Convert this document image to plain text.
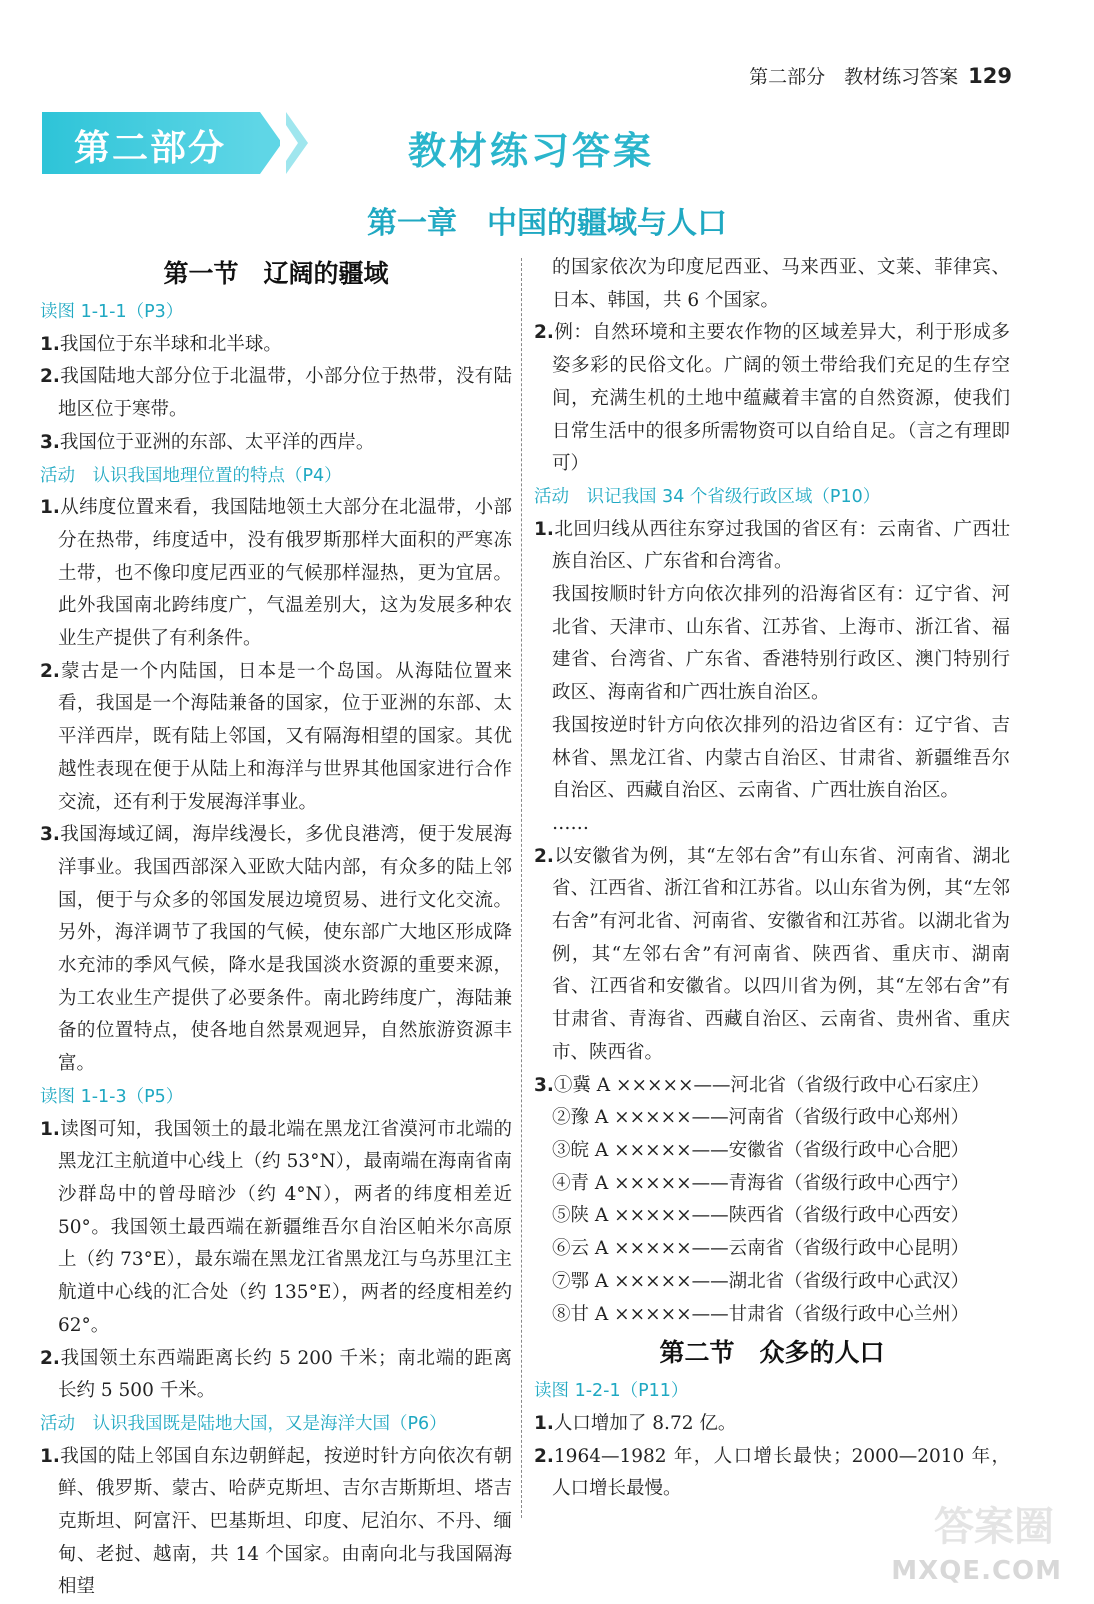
第二部分　教材练习答案 129
第二部分	教材练习答案
第一章　中国的疆域与人口
第一节　辽阔的疆域
读图 1-1-1（P3）
1.我国位于东半球和北半球。
2.我国陆地大部分位于北温带，小部分位于热带，没有陆地区位于寒带。
3.我国位于亚洲的东部、太平洋的西岸。
活动　认识我国地理位置的特点（P4）
1.从纬度位置来看，我国陆地领土大部分在北温带，小部分在热带，纬度适中，没有俄罗斯那样大面积的严寒冻土带，也不像印度尼西亚的气候那样湿热，更为宜居。此外我国南北跨纬度广，气温差别大，这为发展多种农业生产提供了有利条件。
2.蒙古是一个内陆国，日本是一个岛国。从海陆位置来看，我国是一个海陆兼备的国家，位于亚洲的东部、太平洋西岸，既有陆上邻国，又有隔海相望的国家。其优越性表现在便于从陆上和海洋与世界其他国家进行合作交流，还有利于发展海洋事业。
3.我国海域辽阔，海岸线漫长，多优良港湾，便于发展海洋事业。我国西部深入亚欧大陆内部，有众多的陆上邻国，便于与众多的邻国发展边境贸易、进行文化交流。另外，海洋调节了我国的气候，使东部广大地区形成降水充沛的季风气候，降水是我国淡水资源的重要来源，为工农业生产提供了必要条件。南北跨纬度广，海陆兼备的位置特点，使各地自然景观迥异，自然旅游资源丰富。
读图 1-1-3（P5）
1.读图可知，我国领土的最北端在黑龙江省漠河市北端的黑龙江主航道中心线上（约 53°N），最南端在海南省南沙群岛中的曾母暗沙（约 4°N），两者的纬度相差近 50°。我国领土最西端在新疆维吾尔自治区帕米尔高原上（约 73°E），最东端在黑龙江省黑龙江与乌苏里江主航道中心线的汇合处（约 135°E），两者的经度相差约 62°。
2.我国领土东西端距离长约 5 200 千米；南北端的距离长约 5 500 千米。
活动　认识我国既是陆地大国，又是海洋大国（P6）
1.我国的陆上邻国自东边朝鲜起，按逆时针方向依次有朝鲜、俄罗斯、蒙古、哈萨克斯坦、吉尔吉斯斯坦、塔吉克斯坦、阿富汗、巴基斯坦、印度、尼泊尔、不丹、缅甸、老挝、越南，共 14 个国家。由南向北与我国隔海相望
的国家依次为印度尼西亚、马来西亚、文莱、菲律宾、日本、韩国，共 6 个国家。
2.例：自然环境和主要农作物的区域差异大，利于形成多姿多彩的民俗文化。广阔的领土带给我们充足的生存空间，充满生机的土地中蕴藏着丰富的自然资源，使我们日常生活中的很多所需物资可以自给自足。（言之有理即可）
活动　识记我国 34 个省级行政区域（P10）
1.北回归线从西往东穿过我国的省区有：云南省、广西壮族自治区、广东省和台湾省。
我国按顺时针方向依次排列的沿海省区有：辽宁省、河北省、天津市、山东省、江苏省、上海市、浙江省、福建省、台湾省、广东省、香港特别行政区、澳门特别行政区、海南省和广西壮族自治区。
我国按逆时针方向依次排列的沿边省区有：辽宁省、吉林省、黑龙江省、内蒙古自治区、甘肃省、新疆维吾尔自治区、西藏自治区、云南省、广西壮族自治区。
……
2.以安徽省为例，其“左邻右舍”有山东省、河南省、湖北省、江西省、浙江省和江苏省。以山东省为例，其“左邻右舍”有河北省、河南省、安徽省和江苏省。以湖北省为例，其“左邻右舍”有河南省、陕西省、重庆市、湖南省、江西省和安徽省。以四川省为例，其“左邻右舍”有甘肃省、青海省、西藏自治区、云南省、贵州省、重庆市、陕西省。
3.①冀 A ×××××——河北省（省级行政中心石家庄）
②豫 A ×××××——河南省（省级行政中心郑州）
③皖 A ×××××——安徽省（省级行政中心合肥）
④青 A ×××××——青海省（省级行政中心西宁）
⑤陕 A ×××××——陕西省（省级行政中心西安）
⑥云 A ×××××——云南省（省级行政中心昆明）
⑦鄂 A ×××××——湖北省（省级行政中心武汉）
⑧甘 A ×××××——甘肃省（省级行政中心兰州）
第二节　众多的人口
读图 1-2-1（P11）
1.人口增加了 8.72 亿。
2.1964—1982 年，人口增长最快；2000—2010 年，人口增长最慢。
答案圈
MXQE.COM
